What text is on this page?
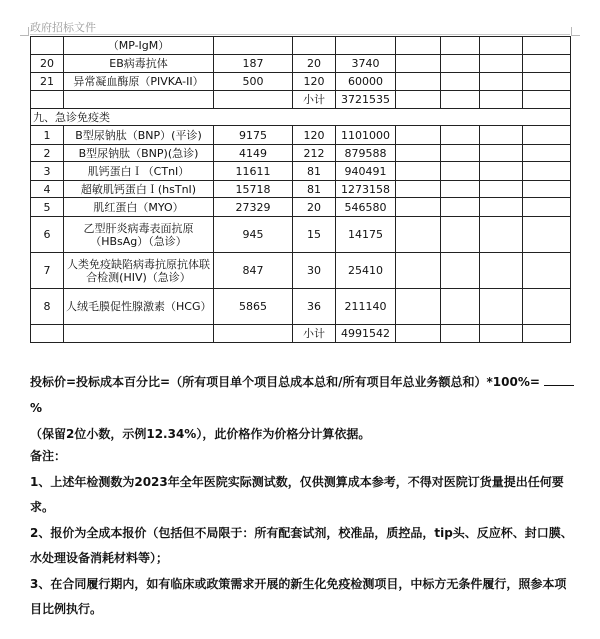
政府招标文件
	（MP-IgM）							
20	EB病毒抗体	187	20	3740				
21	异常凝血酶原（PIVKA-II）	500	120	60000				
			小计	3721535				
九、急诊免疫类								
1	B型尿钠肽（BNP）(平诊)	9175	120	1101000				
2	B型尿钠肽（BNP)(急诊)	4149	212	879588				
3	肌钙蛋白Ｉ（CTnI）	11611	81	940491				
4	超敏肌钙蛋白Ｉ(hsTnI)	15718	81	1273158				
5	肌红蛋白（MYO）	27329	20	546580				
6	乙型肝炎病毒表面抗原（HBsAg）（急诊）	945	15	14175				
7	人类免疫缺陷病毒抗原抗体联合检测(HIV)（急诊）	847	30	25410				
8	人绒毛膜促性腺激素（HCG）	5865	36	211140				
			小计	4991542				
投标价=投标成本百分比=（所有项目单个项目总成本总和/所有项目年总业务额总和）*100%= %
（保留2位小数，示例12.34%），此价格作为价格分计算依据。
备注：

1、上述年检测数为2023年全年医院实际测试数，仅供测算成本参考，不得对医院订货量提出任何要求。

2、报价为全成本报价（包括但不局限于：所有配套试剂，校准品，质控品，tip头、反应杯、封口膜、水处理设备消耗材料等）；

3、在合同履行期内，如有临床或政策需求开展的新生化免疫检测项目，中标方无条件履行，照参本项目比例执行。
